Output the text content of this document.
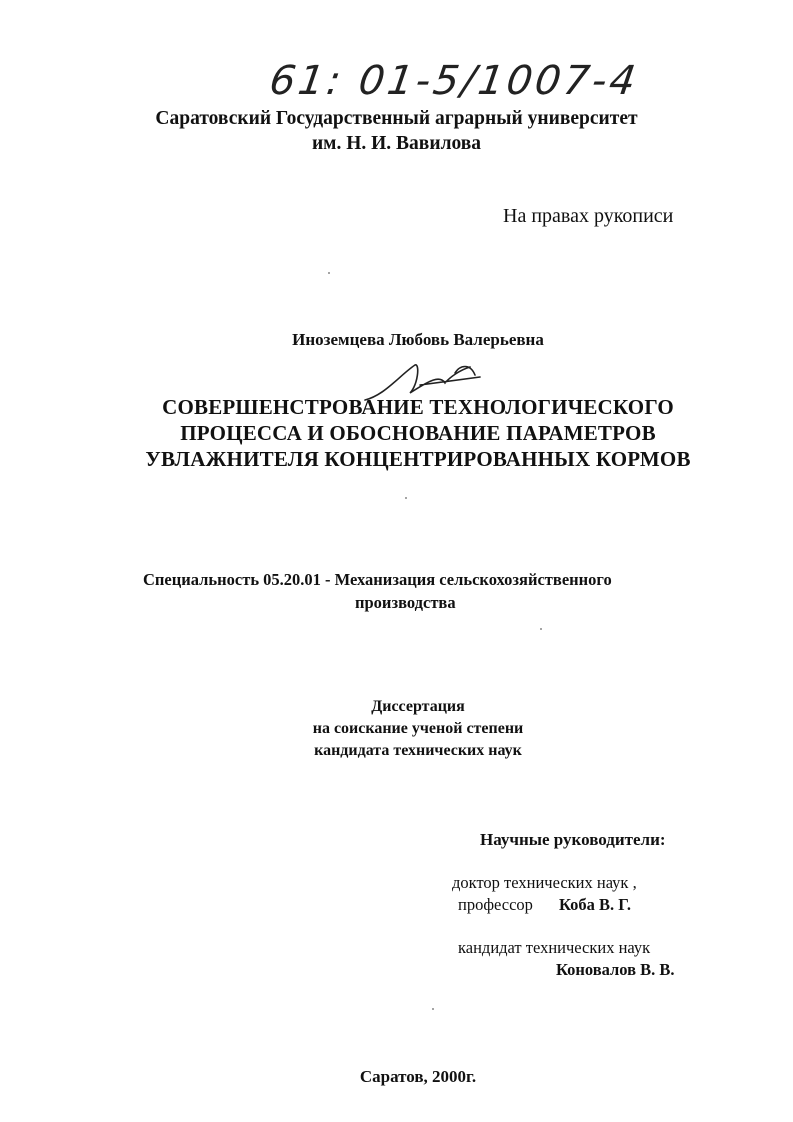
61: 01-5/1007-4
Саратовский Государственный аграрный университет
им. Н. И. Вавилова
На правах рукописи
Иноземцева Любовь Валерьевна
СОВЕРШЕНСТРОВАНИЕ ТЕХНОЛОГИЧЕСКОГО
ПРОЦЕССА И ОБОСНОВАНИЕ ПАРАМЕТРОВ
УВЛАЖНИТЕЛЯ КОНЦЕНТРИРОВАННЫХ КОРМОВ
Специальность 05.20.01 - Механизация сельскохозяйственного
производства
Диссертация
на соискание ученой степени
кандидата технических наук
Научные руководители:
доктор технических наук ,
профессор Коба В. Г.
кандидат технических наук
Коновалов В. В.
Саратов, 2000г.
